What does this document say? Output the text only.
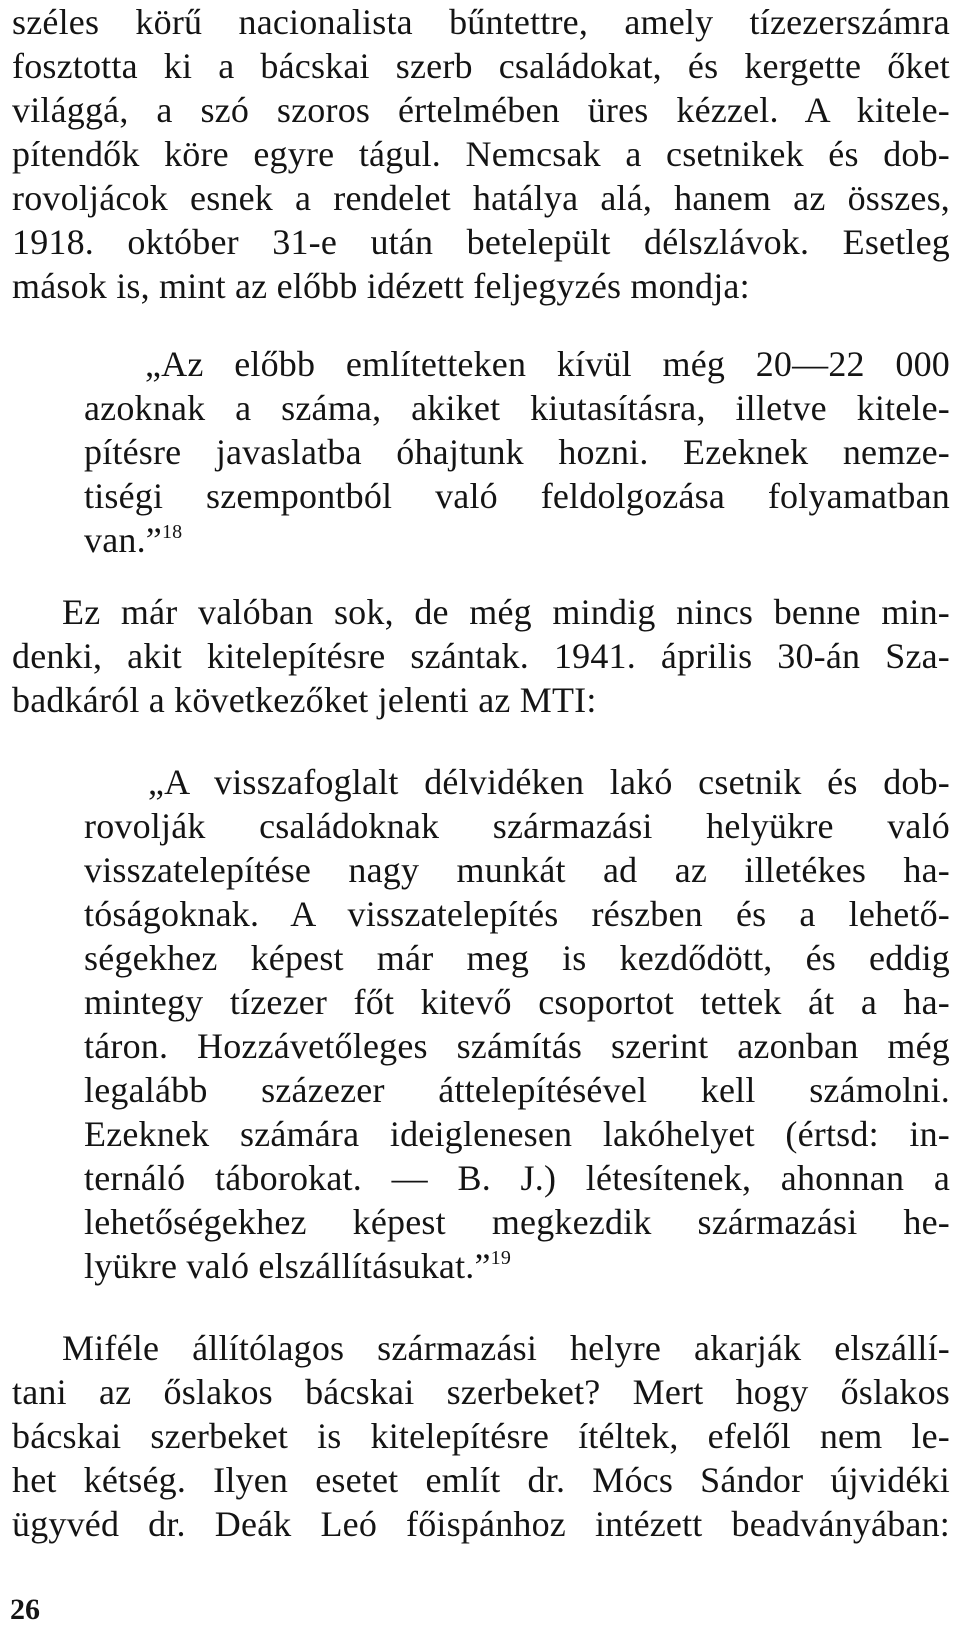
széles körű nacionalista bűntettre, amely tízezerszámra
fosztotta ki a bácskai szerb családokat, és kergette őket
világgá, a szó szoros értelmében üres kézzel. A kitele-
pítendők köre egyre tágul. Nemcsak a csetnikek és dob-
rovoljácok esnek a rendelet hatálya alá, hanem az összes,
1918. október 31-e után betelepült délszlávok. Esetleg
mások is, mint az előbb idézett feljegyzés mondja:
„Az előbb említetteken kívül még 20—22 000
azoknak a száma, akiket kiutasításra, illetve kitele-
pítésre javaslatba óhajtunk hozni. Ezeknek nemze-
tiségi szempontból való feldolgozása folyamatban
van.”$^{18}$
Ez már valóban sok, de még mindig nincs benne min-
denki, akit kitelepítésre szántak. 1941. április 30-án Sza-
badkáról a következőket jelenti az MTI:
„A visszafoglalt délvidéken lakó csetnik és dob-
rovolják családoknak származási helyükre való
visszatelepítése nagy munkát ad az illetékes ha-
tóságoknak. A visszatelepítés részben és a lehető-
ségekhez képest már meg is kezdődött, és eddig
mintegy tízezer főt kitevő csoportot tettek át a ha-
táron. Hozzávetőleges számítás szerint azonban még
legalább százezer áttelepítésével kell számolni.
Ezeknek számára ideiglenesen lakóhelyet (értsd: in-
ternáló táborokat. — B. J.) létesítenek, ahonnan a
lehetőségekhez képest megkezdik származási he-
lyükre való elszállításukat.”$^{19}$
Miféle állítólagos származási helyre akarják elszállí-
tani az őslakos bácskai szerbeket? Mert hogy őslakos
bácskai szerbeket is kitelepítésre ítéltek, efelől nem le-
het kétség. Ilyen esetet említ dr. Mócs Sándor újvidéki
ügyvéd dr. Deák Leó főispánhoz intézett beadványában:
26
